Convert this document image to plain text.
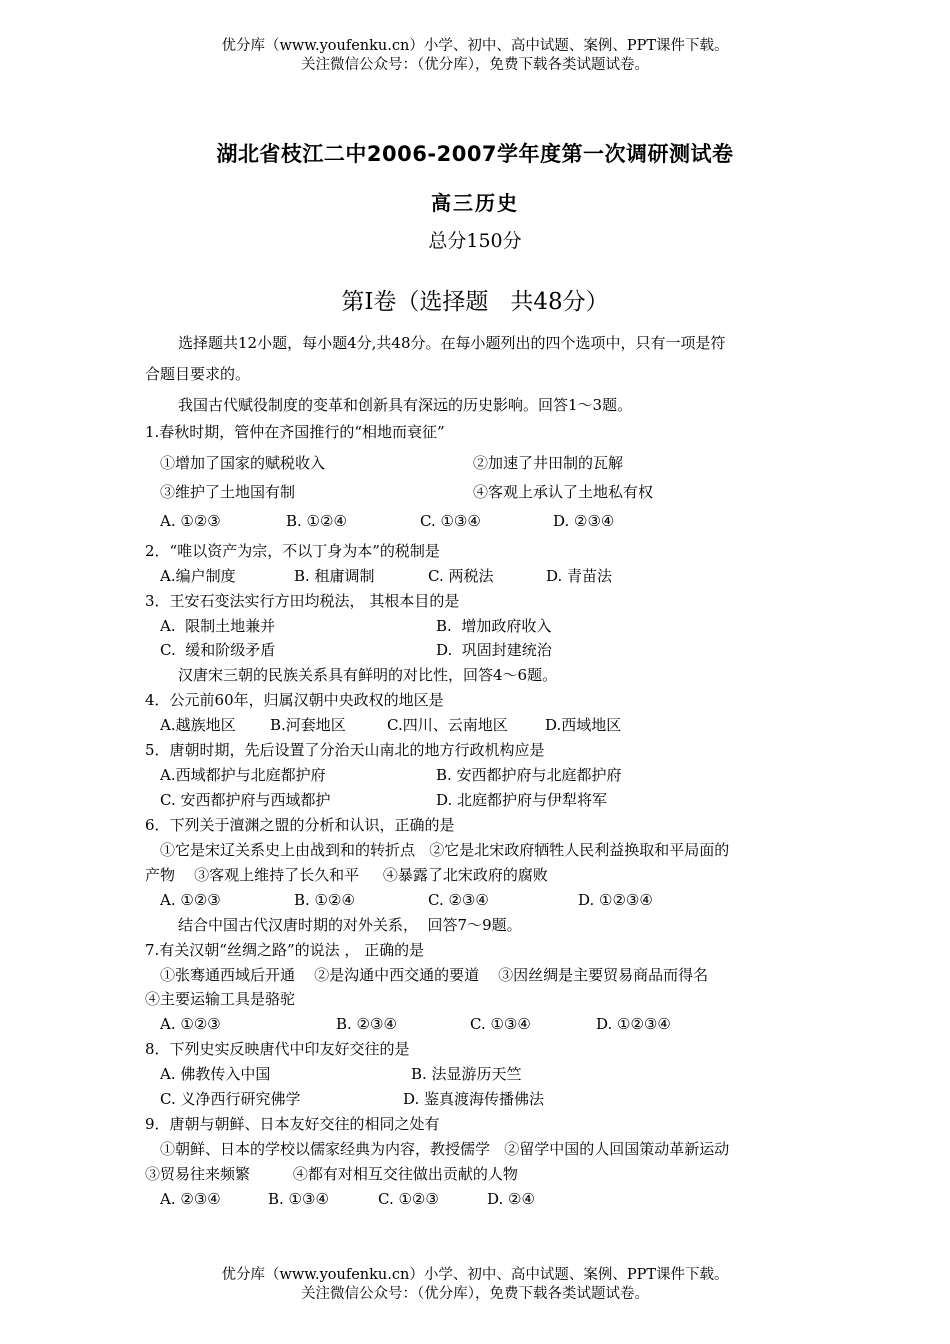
优分库（www.youfenku.cn）小学、初中、高中试题、案例、PPT课件下载。
关注微信公众号：（优分库），免费下载各类试题试卷。
湖北省枝江二中2006-2007学年度第一次调研测试卷
高三历史
总分150分
第Ⅰ卷（选择题   共48分）
选择题共12小题，每小题4分,共48分。在每小题列出的四个选项中，只有一项是符
合题目要求的。
我国古代赋役制度的变革和创新具有深远的历史影响。回答1～3题。
1.春秋时期，管仲在齐国推行的“相地而衰征”
①增加了国家的赋税收入	②加速了井田制的瓦解
③维护了土地国有制	④客观上承认了土地私有权
A. ①②③	B. ①②④	C. ①③④	D. ②③④
2．“唯以资产为宗，不以丁身为本”的税制是
A.编户制度	B. 租庸调制	C. 两税法	D. 青苗法
3．王安石变法实行方田均税法， 其根本目的是
A.  限制土地兼并	B.  增加政府收入
C.  缓和阶级矛盾	D.  巩固封建统治
汉唐宋三朝的民族关系具有鲜明的对比性，回答4～6题。
4．公元前60年，归属汉朝中央政权的地区是
A.越族地区 B.河套地区	C.四川、云南地区 D.西域地区
5．唐朝时期，先后设置了分治天山南北的地方行政机构应是
A.西域都护与北庭都护府	B. 安西都护府与北庭都护府
C. 安西都护府与西域都护	D. 北庭都护府与伊犁将军
6．下列关于澶渊之盟的分析和认识，正确的是
①它是宋辽关系史上由战到和的转折点   ②它是北宋政府牺牲人民利益换取和平局面的
产物    ③客观上维持了长久和平     ④暴露了北宋政府的腐败
A. ①②③	B. ①②④	C. ②③④	D. ①②③④
结合中国古代汉唐时期的对外关系，  回答7～9题。
7.有关汉朝“丝绸之路”的说法 ， 正确的是
①张骞通西域后开通    ②是沟通中西交通的要道    ③因丝绸是主要贸易商品而得名
④主要运输工具是骆驼
A. ①②③	B. ②③④	C. ①③④	D. ①②③④
8．下列史实反映唐代中印友好交往的是
A. 佛教传入中国	B. 法显游历天竺
C. 义净西行研究佛学	D. 鉴真渡海传播佛法
9．唐朝与朝鲜、日本友好交往的相同之处有
①朝鲜、日本的学校以儒家经典为内容，教授儒学   ②留学中国的人回国策动革新运动
③贸易往来频繁         ④都有对相互交往做出贡献的人物
A. ②③④	B. ①③④	C. ①②③	D. ②④
优分库（www.youfenku.cn）小学、初中、高中试题、案例、PPT课件下载。
关注微信公众号：（优分库），免费下载各类试题试卷。
